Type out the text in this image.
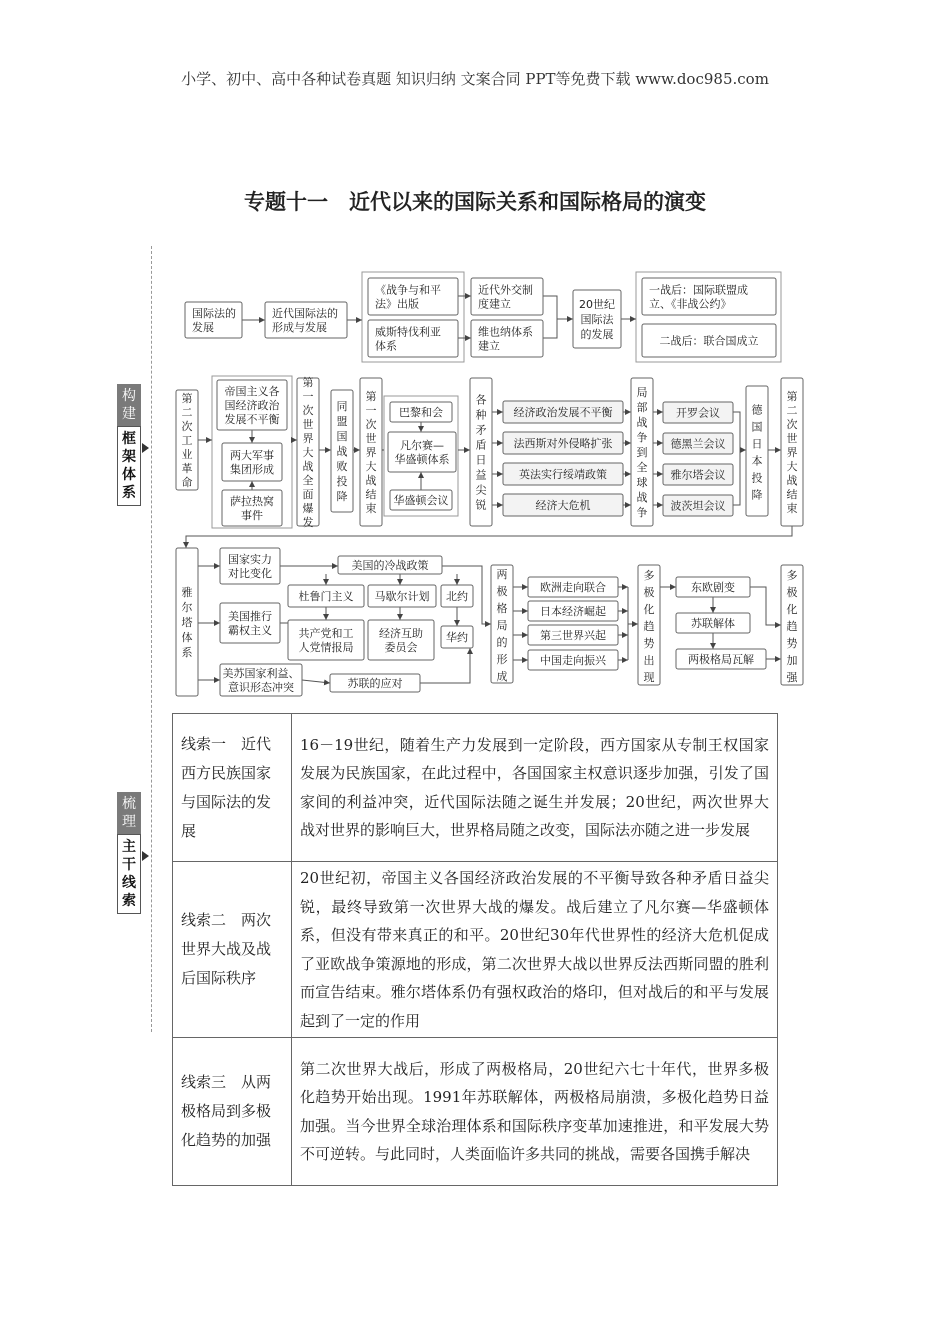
小学、初中、高中各种试卷真题 知识归纳 文案合同 PPT等免费下载 www.doc985.com
专题十一　近代以来的国际关系和国际格局的演变
构建
框架体系
梳理
主干线索
国际法的发展
近代国际法的形成与发展
《战争与和平法》出版
威斯特伐利亚体系
近代外交制度建立
维也纳体系建立
20世纪国际法的发展
一战后：国际联盟成立、《非战公约》
二战后：联合国成立
第二次工业革命
帝国主义各国经济政治发展不平衡
两大军事集团形成
萨拉热窝事件
第一次世界大战全面爆发
同盟国战败投降
第一次世界大战结束
巴黎和会
凡尔赛—华盛顿体系
华盛顿会议
各种矛盾日益尖锐
经济政治发展不平衡
法西斯对外侵略扩张
英法实行绥靖政策
经济大危机
局部战争到全球战争
开罗会议
德黑兰会议
雅尔塔会议
波茨坦会议
德国日本投降
第二次世界大战结束
雅尔塔体系
国家实力对比变化
美国推行霸权主义
美苏国家利益、意识形态冲突
美国的冷战政策
杜鲁门主义 马歇尔计划 北约
共产党和工人党情报局
经济互助委员会
华约
苏联的应对
两极格局的形成
欧洲走向联合
日本经济崛起
第三世界兴起
中国走向振兴
多极化趋势出现
东欧剧变
苏联解体
两极格局瓦解
多极化趋势加强
线索一　近代西方民族国家与国际法的发展	16－19世纪，随着生产力发展到一定阶段，西方国家从专制王权国家发展为民族国家，在此过程中，各国国家主权意识逐步加强，引发了国家间的利益冲突，近代国际法随之诞生并发展；20世纪，两次世界大战对世界的影响巨大，世界格局随之改变，国际法亦随之进一步发展
线索二　两次世界大战及战后国际秩序	20世纪初，帝国主义各国经济政治发展的不平衡导致各种矛盾日益尖锐，最终导致第一次世界大战的爆发。战后建立了凡尔赛—华盛顿体系，但没有带来真正的和平。20世纪30年代世界性的经济大危机促成了亚欧战争策源地的形成，第二次世界大战以世界反法西斯同盟的胜利而宣告结束。雅尔塔体系仍有强权政治的烙印，但对战后的和平与发展起到了一定的作用
线索三　从两极格局到多极化趋势的加强	第二次世界大战后，形成了两极格局，20世纪六七十年代，世界多极化趋势开始出现。1991年苏联解体，两极格局崩溃，多极化趋势日益加强。当今世界全球治理体系和国际秩序变革加速推进，和平发展大势不可逆转。与此同时，人类面临许多共同的挑战，需要各国携手解决
